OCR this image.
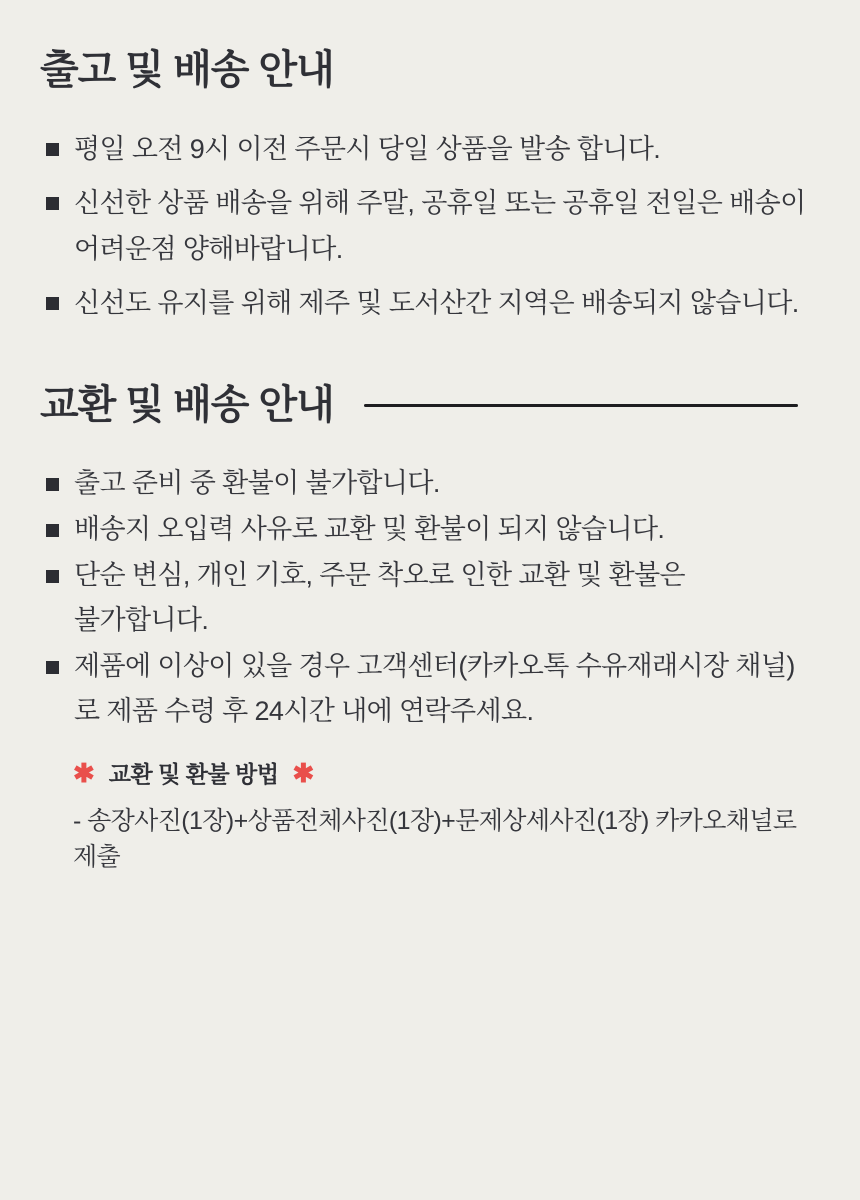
출고 및 배송 안내
평일 오전 9시 이전 주문시 당일 상품을 발송 합니다.
신선한 상품 배송을 위해 주말, 공휴일 또는 공휴일 전일은 배송이
어려운점 양해바랍니다.
신선도 유지를 위해 제주 및 도서산간 지역은 배송되지 않습니다.
교환 및 배송 안내
출고 준비 중 환불이 불가합니다.
배송지 오입력 사유로 교환 및 환불이 되지 않습니다.
단순 변심, 개인 기호, 주문 착오로 인한 교환 및 환불은
불가합니다.
제품에 이상이 있을 경우 고객센터(카카오톡 수유재래시장 채널)
로 제품 수령 후 24시간 내에 연락주세요.
✱ 교환 및 환불 방법 ✱
- 송장사진(1장)+상품전체사진(1장)+문제상세사진(1장) 카카오채널로 제출
